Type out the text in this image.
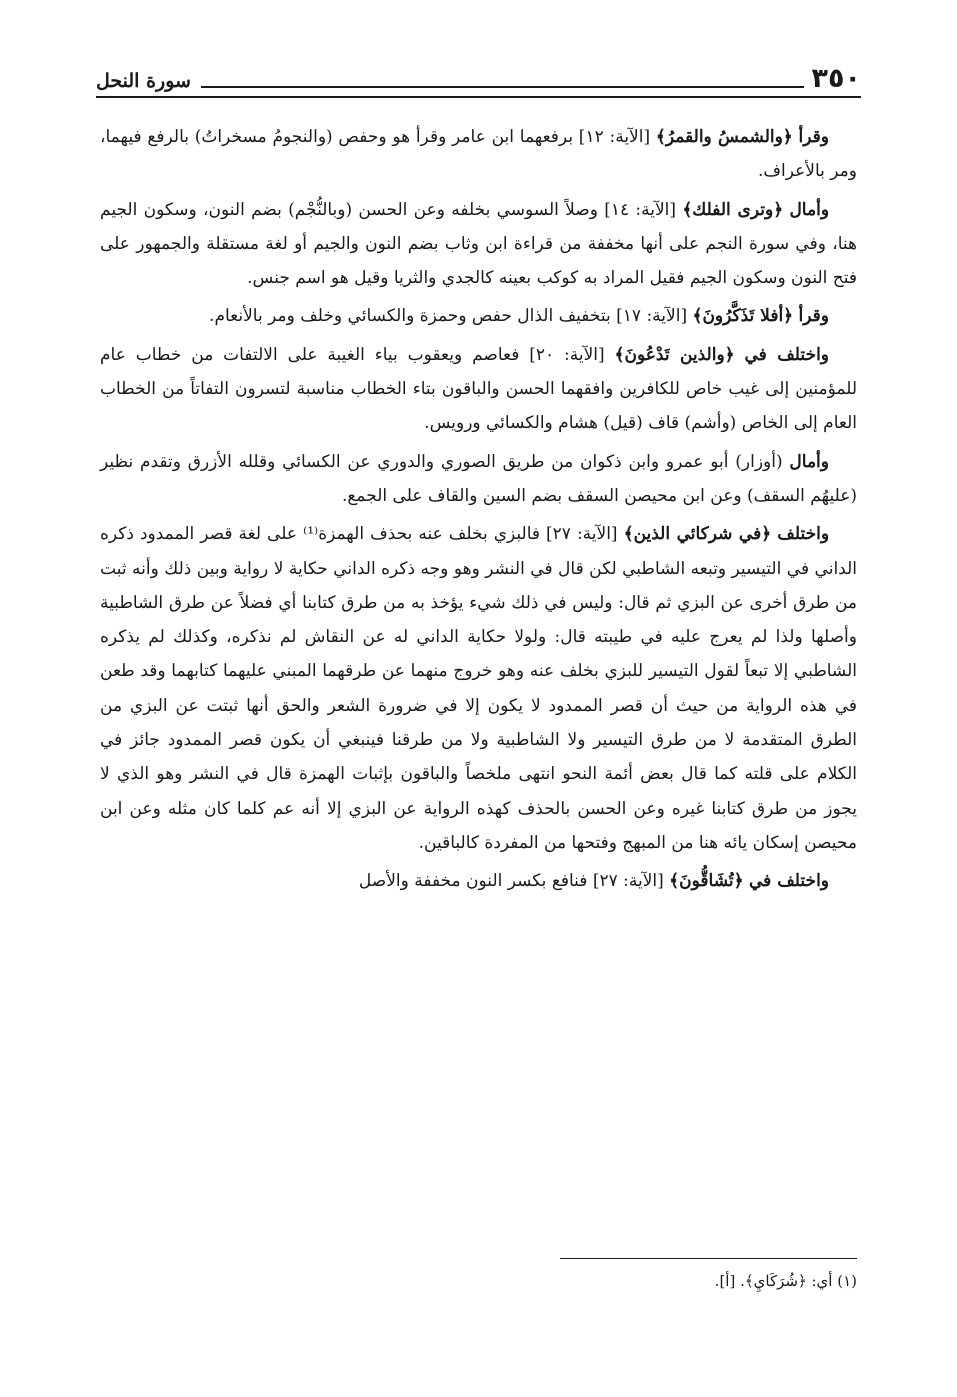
٣٥٠
سورة النحل

وقرأ ﴿والشمسُ والقمرُ﴾ [الآية: ١٢] برفعهما ابن عامر وقرأ هو وحفص (والنجومُ مسخراتُ) بالرفع فيهما، ومر بالأعراف.

وأمال ﴿وترى الفلك﴾ [الآية: ١٤] وصلاً السوسي بخلفه وعن الحسن (وبالنُّجْم) بضم النون، وسكون الجيم هنا، وفي سورة النجم على أنها مخففة من قراءة ابن وثاب بضم النون والجيم أو لغة مستقلة والجمهور على فتح النون وسكون الجيم فقيل المراد به كوكب بعينه كالجدي والثريا وقيل هو اسم جنس.

وقرأ ﴿أفلا تَذَكَّرُونَ﴾ [الآية: ١٧] بتخفيف الذال حفص وحمزة والكسائي وخلف ومر بالأنعام.

واختلف في ﴿والذين تَدْعُونَ﴾ [الآية: ٢٠] فعاصم ويعقوب بياء الغيبة على الالتفات من خطاب عام للمؤمنين إلى غيب خاص للكافرين وافقهما الحسن والباقون بتاء الخطاب مناسبة لتسرون التفاتاً من الخطاب العام إلى الخاص (وأشم) قاف (قيل) هشام والكسائي ورويس.

وأمال (أوزار) أبو عمرو وابن ذكوان من طريق الصوري والدوري عن الكسائي وقلله الأزرق وتقدم نظير (عليهُم السقف) وعن ابن محيصن السقف بضم السين والقاف على الجمع.

واختلف ﴿في شركائي الذين﴾ [الآية: ٢٧] فالبزي بخلف عنه بحذف الهمزة⁽¹⁾ على لغة قصر الممدود ذكره الداني في التيسير وتبعه الشاطبي لكن قال في النشر وهو وجه ذكره الداني حكاية لا رواية وبين ذلك وأنه ثبت من طرق أخرى عن البزي ثم قال: وليس في ذلك شيء يؤخذ به من طرق كتابنا أي فضلاً عن طرق الشاطبية وأصلها ولذا لم يعرج عليه في طيبته قال: ولولا حكاية الداني له عن النقاش لم نذكره، وكذلك لم يذكره الشاطبي إلا تبعاً لقول التيسير للبزي بخلف عنه وهو خروج منهما عن طرقهما المبني عليهما كتابهما وقد طعن في هذه الرواية من حيث أن قصر الممدود لا يكون إلا في ضرورة الشعر والحق أنها ثبتت عن البزي من الطرق المتقدمة لا من طرق التيسير ولا الشاطبية ولا من طرقنا فينبغي أن يكون قصر الممدود جائز في الكلام على قلته كما قال بعض أئمة النحو انتهى ملخصاً والباقون بإثبات الهمزة قال في النشر وهو الذي لا يجوز من طرق كتابنا غيره وعن الحسن بالحذف كهذه الرواية عن البزي إلا أنه عم كلما كان مثله وعن ابن محيصن إسكان يائه هنا من المبهج وفتحها من المفردة كالباقين.

واختلف في ﴿تُشَاقُّونَ﴾ [الآية: ٢٧] فنافع بكسر النون مخففة والأصل

(١) أي: ﴿شُرَكَايِ﴾. [أ].
